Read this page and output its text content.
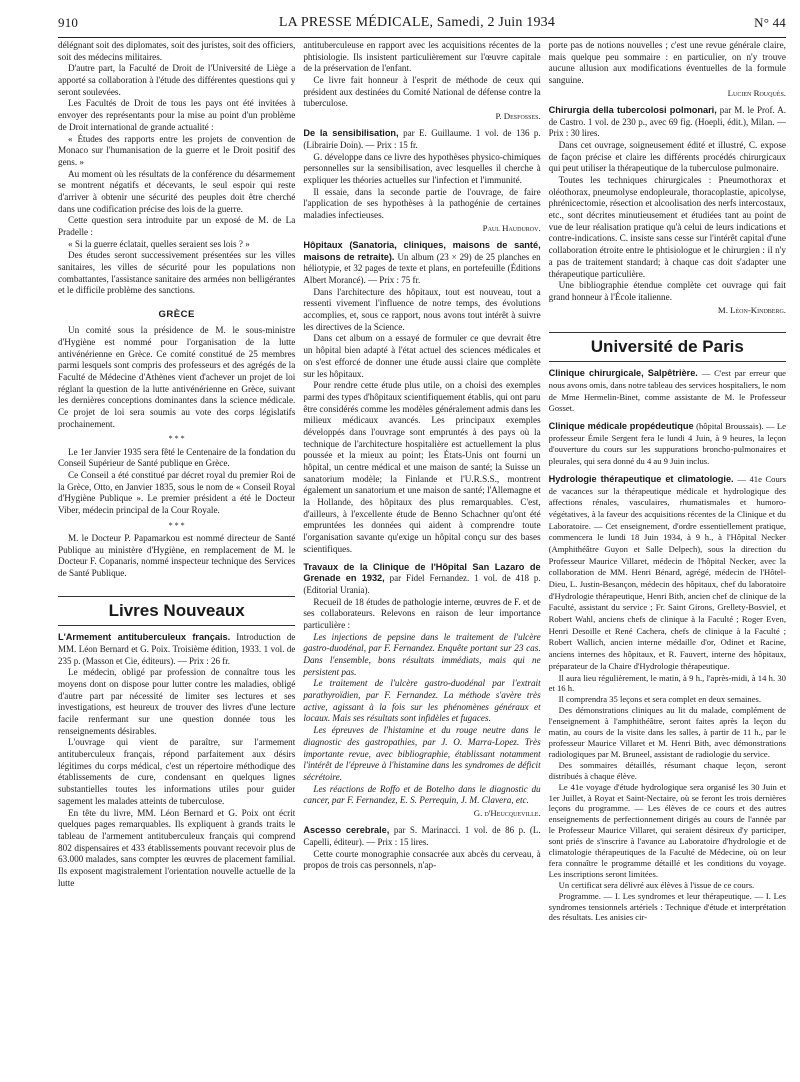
910	LA PRESSE MÉDICALE, Samedi, 2 Juin 1934	N° 44

délégnant soit des diplomates, soit des juristes, soit des officiers, soit des médecins militaires.

D'autre part, la Faculté de Droit de l'Université de Liège a apporté sa collaboration à l'étude des différentes questions qui y seront soulevées.

Les Facultés de Droit de tous les pays ont été invitées à envoyer des représentants pour la mise au point d'un problème de Droit international de grande actualité :

« Études des rapports entre les projets de convention de Monaco sur l'humanisation de la guerre et le Droit positif des gens. »

Au moment où les résultats de la conférence du désarmement se montrent négatifs et décevants, le seul espoir qui reste d'arriver à obtenir une sécurité des peuples doit être cherché dans une codification précise des lois de la guerre.

Cette question sera introduite par un exposé de M. de La Pradelle :

« Si la guerre éclatait, quelles seraient ses lois ? »

Des études seront successivement présentées sur les villes sanitaires, les villes de sécurité pour les populations non combattantes, l'assistance sanitaire des armées non belligérantes et le difficile problème des sanctions.

GRÈCE

Un comité sous la présidence de M. le sous-ministre d'Hygiène est nommé pour l'organisation de la lutte antivénérienne en Grèce. Ce comité constitué de 25 membres parmi lesquels sont compris des professeurs et des agrégés de la Faculté de Médecine d'Athènes vient d'achever un projet de loi réglant la question de la lutte antivénérienne en Grèce, suivant les dernières conceptions dominantes dans la science médicale. Ce projet de loi sera soumis au vote des corps législatifs prochainement.

* * *

Le 1er Janvier 1935 sera fêté le Centenaire de la fondation du Conseil Supérieur de Santé publique en Grèce.

Ce Conseil a été constitué par décret royal du premier Roi de la Grèce, Otto, en Janvier 1835, sous le nom de « Conseil Royal d'Hygiène Publique ». Le premier président a été le Docteur Viber, médecin principal de la Cour Royale.

* * *

M. le Docteur P. Papamarkou est nommé directeur de Santé Publique au ministère d'Hygiène, en remplacement de M. le Docteur F. Copanaris, nommé inspecteur technique des Services de Santé Publique.

Livres Nouveaux

L'Armement antituberculeux français. Introduction de MM. Léon Bernard et G. Poix. Troisième édition, 1933. 1 vol. de 235 p. (Masson et Cie, éditeurs). — Prix : 26 fr.

Le médecin, obligé par profession de connaître tous les moyens dont on dispose pour lutter contre les maladies, obligé d'autre part par nécessité de limiter ses lectures et ses investigations, est heureux de trouver des livres d'une lecture facile renfermant sur une question donnée tous les renseignements désirables.

L'ouvrage qui vient de paraître, sur l'armement antituberculeux français, répond parfaitement aux désirs légitimes du corps médical, c'est un répertoire méthodique des établissements de cure, condensant en quelques lignes substantielles toutes les informations utiles pour guider sagement les malades atteints de tuberculose.

En tête du livre, MM. Léon Bernard et G. Poix ont écrit quelques pages remarquables. Ils expliquent à grands traits le tableau de l'armement antituberculeux français qui comprend 802 dispensaires et 433 établissements pouvant recevoir plus de 63.000 malades, sans compter les œuvres de placement familial. Ils exposent magistralement l'orientation nouvelle actuelle de la lutte

antituberculeuse en rapport avec les acquisitions récentes de la phtisiologie. Ils insistent particulièrement sur l'œuvre capitale de la préservation de l'enfant.

Ce livre fait honneur à l'esprit de méthode de ceux qui président aux destinées du Comité National de défense contre la tuberculose.

P. Desfosses.

De la sensibilisation, par E. Guillaume. 1 vol. de 136 p. (Librairie Doin). — Prix : 15 fr.

G. développe dans ce livre des hypothèses physico-chimiques personnelles sur la sensibilisation, avec lesquelles il cherche à expliquer les théories actuelles sur l'infection et l'immunité.

Il essaie, dans la seconde partie de l'ouvrage, de faire l'application de ses hypothèses à la pathogénie de certaines maladies infectieuses.

Paul Haudurov.

Hôpitaux (Sanatoria, cliniques, maisons de santé, maisons de retraite). Un album (23 × 29) de 25 planches en héliotypie, et 32 pages de texte et plans, en portefeuille (Éditions Albert Morancé). — Prix : 75 fr.

Dans l'architecture des hôpitaux, tout est nouveau, tout a ressenti vivement l'influence de notre temps, des évolutions accomplies, et, sous ce rapport, nous avons tout intérêt à suivre les directives de la Science.

Dans cet album on a essayé de formuler ce que devrait être un hôpital bien adapté à l'état actuel des sciences médicales et on s'est efforcé de donner une étude aussi claire que complète sur les hôpitaux.

Pour rendre cette étude plus utile, on a choisi des exemples parmi des types d'hôpitaux scientifiquement établis, qui ont paru être considérés comme les modèles généralement admis dans les milieux médicaux avancés. Les principaux exemples développés dans l'ouvrage sont empruntés à des pays où la technique de l'architecture hospitalière est actuellement la plus poussée et la mieux au point; les États-Unis ont fourni un hôpital, un centre médical et une maison de santé; la Suisse un sanatorium modèle; la Finlande et l'U.R.S.S., montrent également un sanatorium et une maison de santé; l'Allemagne et la Hollande, des hôpitaux des plus remarquables. C'est, d'ailleurs, à l'excellente étude de Benno Schachner qu'ont été empruntées les données qui aident à comprendre toute l'organisation savante qu'exige un hôpital conçu sur des bases scientifiques.

Travaux de la Clinique de l'Hôpital San Lazaro de Grenade en 1932, par Fidel Fernandez. 1 vol. de 418 p. (Editorial Urania).

Recueil de 18 études de pathologie interne, œuvres de F. et de ses collaborateurs. Relevons en raison de leur importance particulière :

Les injections de pepsine dans le traitement de l'ulcère gastro-duodénal, par F. Fernandez. Enquête portant sur 23 cas. Dans l'ensemble, bons résultats immédiats, mais qui ne persistent pas.

Le traitement de l'ulcère gastro-duodénal par l'extrait parathyroïdien, par F. Fernandez. La méthode s'avère très active, agissant à la fois sur les phénomènes généraux et locaux. Mais ses résultats sont infidèles et fugaces.

Les épreuves de l'histamine et du rouge neutre dans le diagnostic des gastropathies, par J. O. Marra-Lopez. Très importante revue, avec bibliographie, établissant notamment l'intérêt de l'épreuve à l'histamine dans les syndromes de déficit sécrétoire.

Les réactions de Roffo et de Botelho dans le diagnostic du cancer, par F. Fernandez, E. S. Perrequin, J. M. Clavera, etc.

G. d'Heucqueville.

Ascesso cerebrale, par S. Marinacci. 1 vol. de 86 p. (L. Capelli, éditeur). — Prix : 15 lires.

Cette courte monographie consacrée aux abcès du cerveau, à propos de trois cas personnels, n'ap-

porte pas de notions nouvelles ; c'est une revue générale claire, mais quelque peu sommaire : en particulier, on n'y trouve aucune allusion aux modifications éventuelles de la formule sanguine.

Lucien Rouquès.

Chirurgia della tubercolosi polmonari, par M. le Prof. A. de Castro. 1 vol. de 230 p., avec 69 fig. (Hoepli, édit.), Milan. — Prix : 30 lires.

Dans cet ouvrage, soigneusement édité et illustré, C. expose de façon précise et claire les différents procédés chirurgicaux qui peut utiliser la thérapeutique de la tuberculose pulmonaire.

Toutes les techniques chirurgicales : Pneumothorax et oléothorax, pneumolyse endopleurale, thoracoplastie, apicolyse, phrénicectomie, résection et alcoolisation des nerfs intercostaux, etc., sont décrites minutieusement et étudiées tant au point de vue de leur réalisation pratique qu'à celui de leurs indications et contre-indications. C. insiste sans cesse sur l'intérêt capital d'une collaboration étroite entre le phtisiologue et le chirurgien : il n'y a pas de traitement standard; à chaque cas doit s'adapter une thérapeutique particulière.

Une bibliographie étendue complète cet ouvrage qui fait grand honneur à l'École italienne.

M. Léon-Kindberg.
Université de Paris

Clinique chirurgicale, Salpêtrière. — C'est par erreur que nous avons omis, dans notre tableau des services hospitaliers, le nom de Mme Hermelin-Binet, comme assistante de M. le Professeur Gosset.

Clinique médicale propédeutique (hôpital Broussais). — Le professeur Émile Sergent fera le lundi 4 Juin, à 9 heures, la leçon d'ouverture du cours sur les suppurations broncho-pulmonaires et pleurales, qui sera donné du 4 au 9 Juin inclus.

Hydrologie thérapeutique et climatologie. — 41e Cours de vacances sur la thérapeutique médicale et hydrologique des affections rénales, vasculaires, rhumatismales et humoro-végétatives, à la faveur des acquisitions récentes de la Clinique et du Laboratoire. — Cet enseignement, d'ordre essentiellement pratique, commencera le lundi 18 Juin 1934, à 9 h., à l'Hôpital Necker (Amphithéâtre Guyon et Salle Delpech), sous la direction du Professeur Maurice Villaret, médecin de l'hôpital Necker, avec la collaboration de MM. Henri Bénard, agrégé, médecin de l'Hôtel-Dieu, L. Justin-Besançon, médecin des hôpitaux, chef du laboratoire d'Hydrologie thérapeutique, Henri Bith, ancien chef de clinique de la Faculté, assistant du service ; Fr. Saint Girons, Grellety-Bosviel, et Robert Wahl, anciens chefs de clinique à la Faculté ; Roger Even, Henri Desoille et René Cachera, chefs de clinique à la Faculté ; Robert Wallich, ancien interne médaille d'or, Odinet et Racine, anciens internes des hôpitaux, et R. Fauvert, interne des hôpitaux, préparateur de la Chaire d'Hydrologie thérapeutique.

Il aura lieu régulièrement, le matin, à 9 h., l'après-midi, à 14 h. 30 et 16 h.

Il comprendra 35 leçons et sera complet en deux semaines.

Des démonstrations cliniques au lit du malade, complément de l'enseignement à l'amphithéâtre, seront faites après la leçon du matin, au cours de la visite dans les salles, à partir de 11 h., par le professeur Maurice Villaret et M. Henri Bith, avec démonstrations radiologiques par M. Bruneel, assistant de radiologie du service.

Des sommaires détaillés, résumant chaque leçon, seront distribués à chaque élève.

Le 41e voyage d'étude hydrologique sera organisé les 30 Juin et 1er Juillet, à Royat et Saint-Nectaire, où se feront les trois dernières leçons du programme. — Les élèves de ce cours et des autres enseignements de perfectionnement dirigés au cours de l'année par le Professeur Maurice Villaret, qui seraient désireux d'y participer, sont priés de s'inscrire à l'avance au Laboratoire d'hydrologie et de climatologie thérapeutiques de la Faculté de Médecine, où on leur fera connaître le programme détaillé et les conditions du voyage. Les inscriptions seront limitées.

Un certificat sera délivré aux élèves à l'issue de ce cours.

Programme. — I. Les syndromes et leur thérapeutique. — I. Les syndromes tensionnels artériels : Technique d'étude et interprétation des résultats. Les anisies cir-
